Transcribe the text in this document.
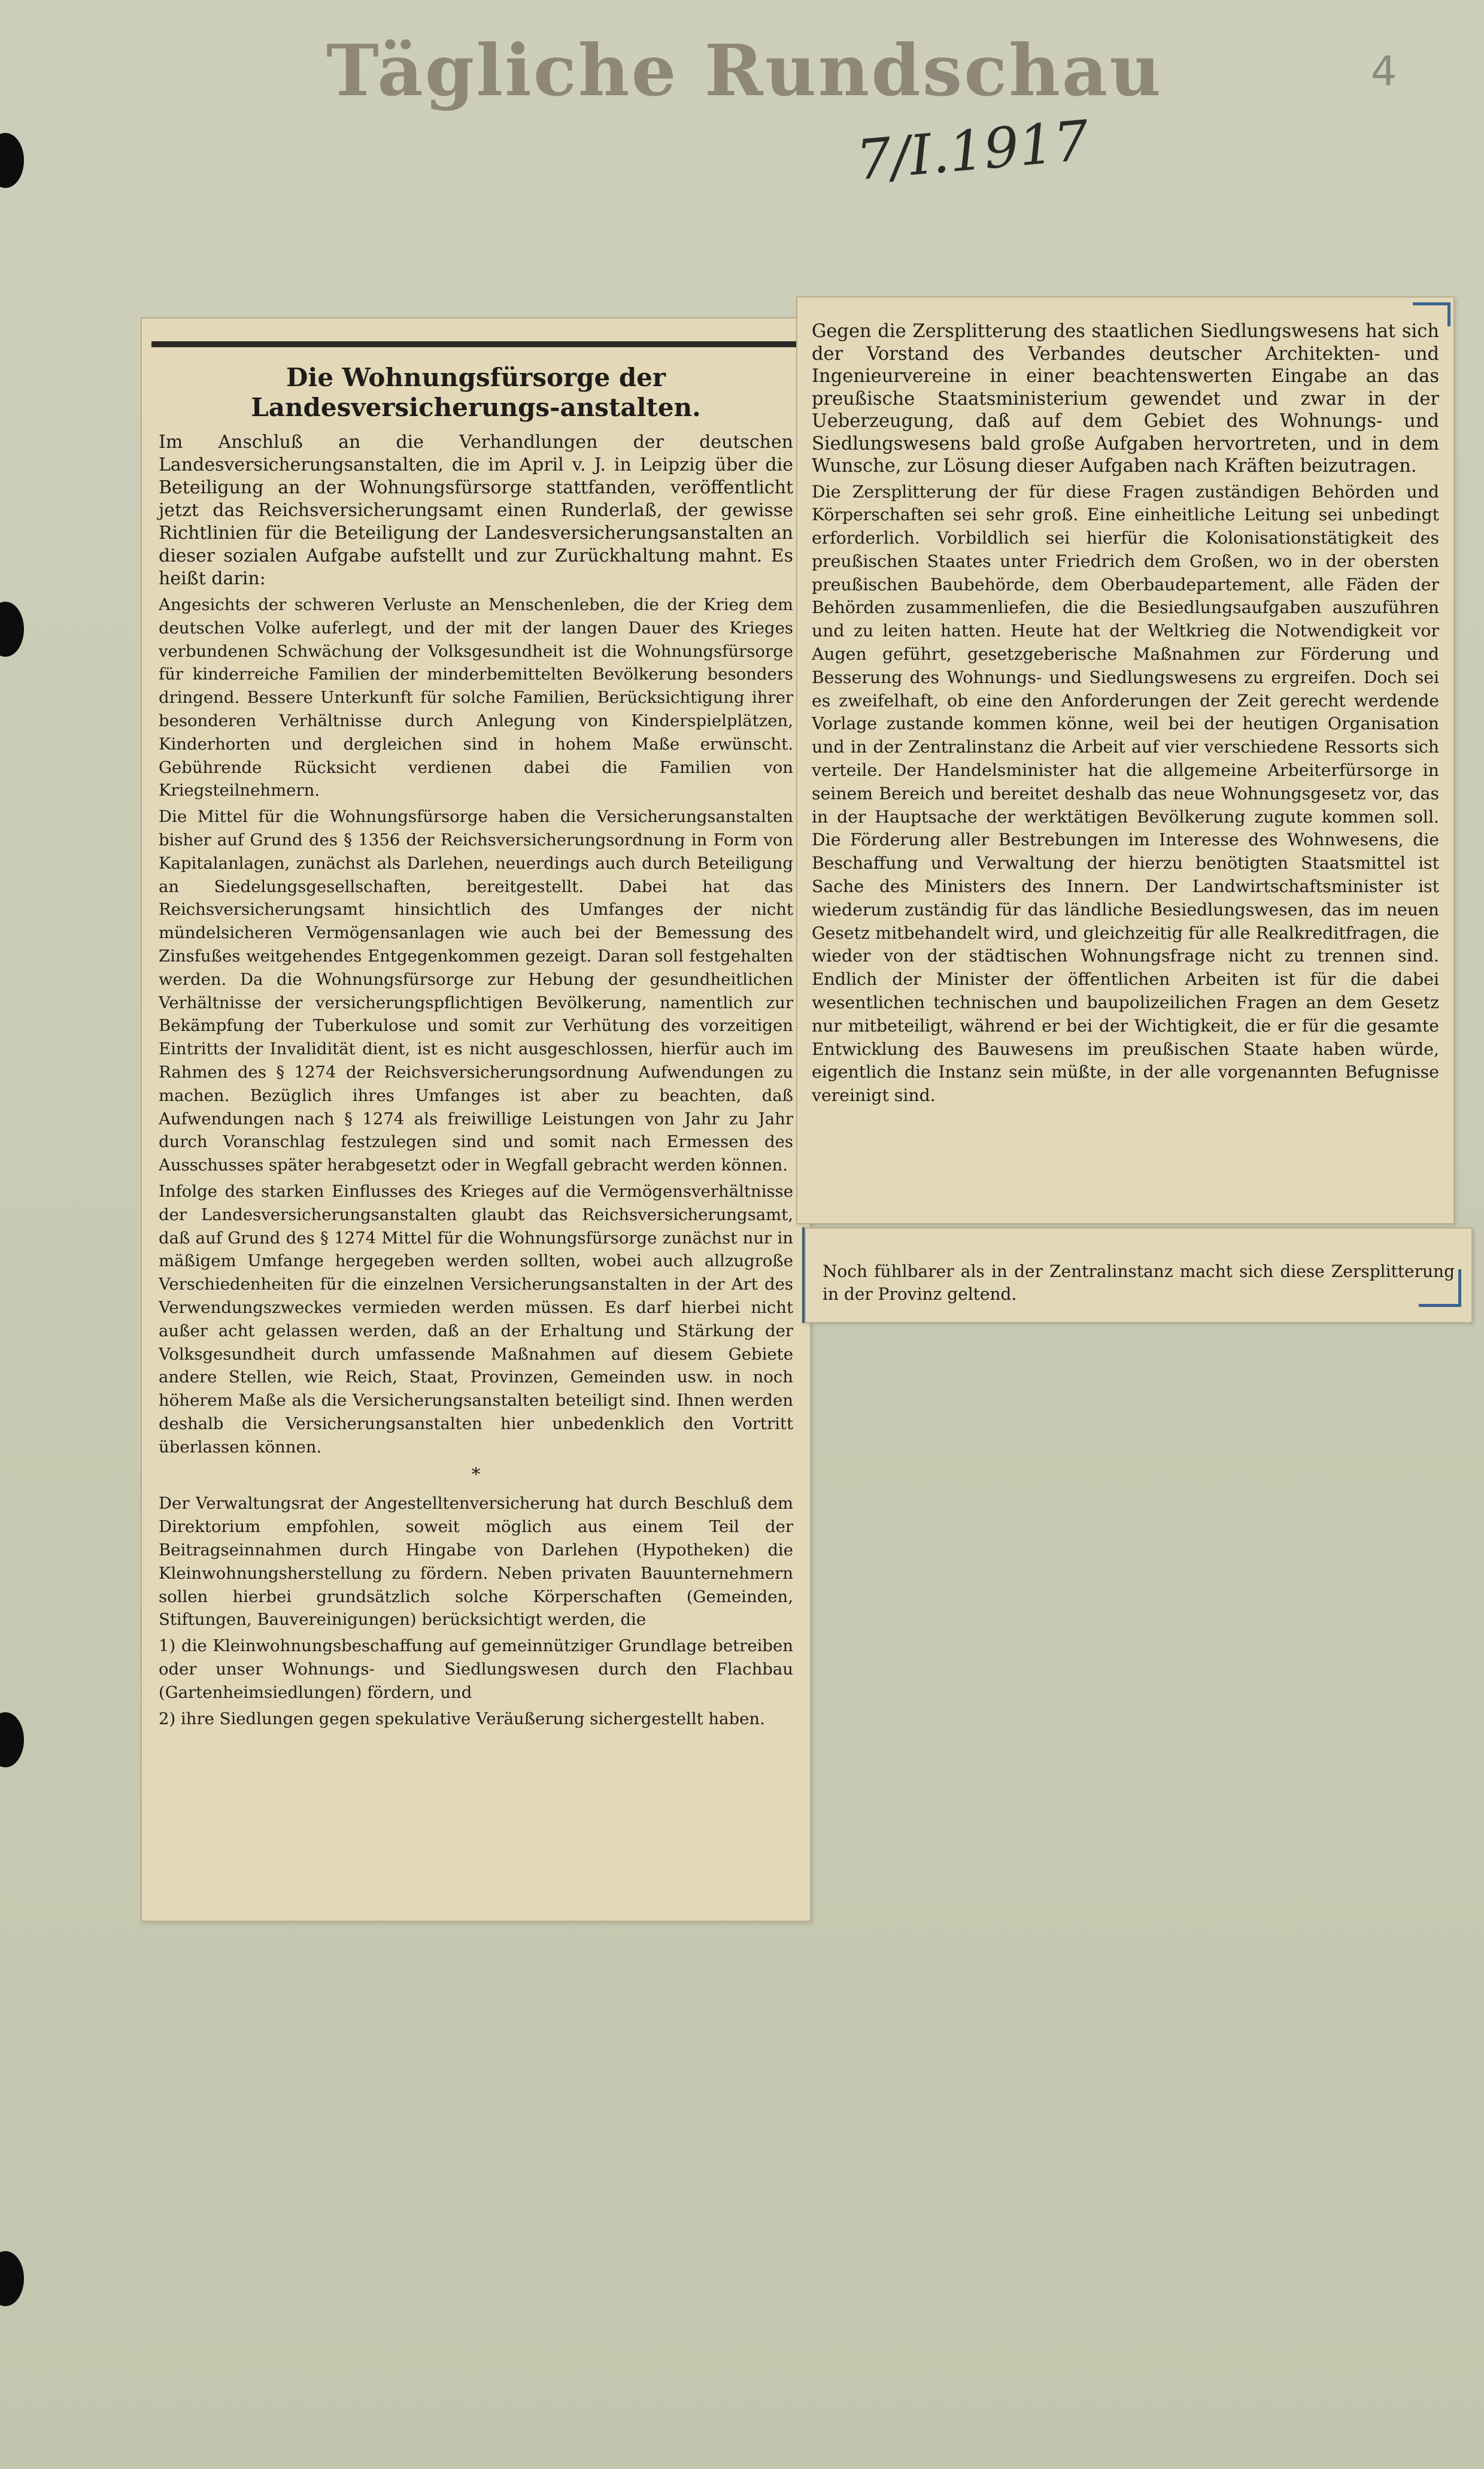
Tägliche Rundschau
7/I.1917
4
Die Wohnungsfürsorge der Landesversicherungs-anstalten.

Im Anschluß an die Verhandlungen der deutschen Landesversicherungsanstalten, die im April v. J. in Leipzig über die Beteiligung an der Wohnungsfürsorge stattfanden, veröffentlicht jetzt das Reichsversicherungsamt einen Runderlaß, der gewisse Richtlinien für die Beteiligung der Landesversicherungsanstalten an dieser sozialen Aufgabe aufstellt und zur Zurückhaltung mahnt. Es heißt darin:

Angesichts der schweren Verluste an Menschenleben, die der Krieg dem deutschen Volke auferlegt, und der mit der langen Dauer des Krieges verbundenen Schwächung der Volksgesundheit ist die Wohnungsfürsorge für kinderreiche Familien der minderbemittelten Bevölkerung besonders dringend. Bessere Unterkunft für solche Familien, Berücksichtigung ihrer besonderen Verhältnisse durch Anlegung von Kinderspielplätzen, Kinderhorten und dergleichen sind in hohem Maße erwünscht. Gebührende Rücksicht verdienen dabei die Familien von Kriegsteilnehmern.

Die Mittel für die Wohnungsfürsorge haben die Versicherungsanstalten bisher auf Grund des § 1356 der Reichsversicherungsordnung in Form von Kapitalanlagen, zunächst als Darlehen, neuerdings auch durch Beteiligung an Siedelungsgesellschaften, bereitgestellt. Dabei hat das Reichsversicherungsamt hinsichtlich des Umfanges der nicht mündelsicheren Vermögensanlagen wie auch bei der Bemessung des Zinsfußes weitgehendes Entgegenkommen gezeigt. Daran soll festgehalten werden. Da die Wohnungsfürsorge zur Hebung der gesundheitlichen Verhältnisse der versicherungspflichtigen Bevölkerung, namentlich zur Bekämpfung der Tuberkulose und somit zur Verhütung des vorzeitigen Eintritts der Invalidität dient, ist es nicht ausgeschlossen, hierfür auch im Rahmen des § 1274 der Reichsversicherungsordnung Aufwendungen zu machen. Bezüglich ihres Umfanges ist aber zu beachten, daß Aufwendungen nach § 1274 als freiwillige Leistungen von Jahr zu Jahr durch Voranschlag festzulegen sind und somit nach Ermessen des Ausschusses später herabgesetzt oder in Wegfall gebracht werden können.

Infolge des starken Einflusses des Krieges auf die Vermögensverhältnisse der Landesversicherungsanstalten glaubt das Reichsversicherungsamt, daß auf Grund des § 1274 Mittel für die Wohnungsfürsorge zunächst nur in mäßigem Umfange hergegeben werden sollten, wobei auch allzugroße Verschiedenheiten für die einzelnen Versicherungsanstalten in der Art des Verwendungszweckes vermieden werden müssen. Es darf hierbei nicht außer acht gelassen werden, daß an der Erhaltung und Stärkung der Volksgesundheit durch umfassende Maßnahmen auf diesem Gebiete andere Stellen, wie Reich, Staat, Provinzen, Gemeinden usw. in noch höherem Maße als die Versicherungsanstalten beteiligt sind. Ihnen werden deshalb die Versicherungsanstalten hier unbedenklich den Vortritt überlassen können.

*

Der Verwaltungsrat der Angestelltenversicherung hat durch Beschluß dem Direktorium empfohlen, soweit möglich aus einem Teil der Beitragseinnahmen durch Hingabe von Darlehen (Hypotheken) die Kleinwohnungsherstellung zu fördern. Neben privaten Bauunternehmern sollen hierbei grundsätzlich solche Körperschaften (Gemeinden, Stiftungen, Bauvereinigungen) berücksichtigt werden, die

1) die Kleinwohnungsbeschaffung auf gemeinnütziger Grundlage betreiben oder unser Wohnungs- und Siedlungswesen durch den Flachbau (Gartenheimsiedlungen) fördern, und

2) ihre Siedlungen gegen spekulative Veräußerung sichergestellt haben.

Gegen die Zersplitterung des staatlichen Siedlungswesens hat sich der Vorstand des Verbandes deutscher Architekten- und Ingenieurvereine in einer beachtenswerten Eingabe an das preußische Staatsministerium gewendet und zwar in der Ueberzeugung, daß auf dem Gebiet des Wohnungs- und Siedlungswesens bald große Aufgaben hervortreten, und in dem Wunsche, zur Lösung dieser Aufgaben nach Kräften beizutragen.

Die Zersplitterung der für diese Fragen zuständigen Behörden und Körperschaften sei sehr groß. Eine einheitliche Leitung sei unbedingt erforderlich. Vorbildlich sei hierfür die Kolonisationstätigkeit des preußischen Staates unter Friedrich dem Großen, wo in der obersten preußischen Baubehörde, dem Oberbaudepartement, alle Fäden der Behörden zusammenliefen, die die Besiedlungsaufgaben auszuführen und zu leiten hatten. Heute hat der Weltkrieg die Notwendigkeit vor Augen geführt, gesetzgeberische Maßnahmen zur Förderung und Besserung des Wohnungs- und Siedlungswesens zu ergreifen. Doch sei es zweifelhaft, ob eine den Anforderungen der Zeit gerecht werdende Vorlage zustande kommen könne, weil bei der heutigen Organisation und in der Zentralinstanz die Arbeit auf vier verschiedene Ressorts sich verteile. Der Handelsminister hat die allgemeine Arbeiterfürsorge in seinem Bereich und bereitet deshalb das neue Wohnungsgesetz vor, das in der Hauptsache der werktätigen Bevölkerung zugute kommen soll. Die Förderung aller Bestrebungen im Interesse des Wohnwesens, die Beschaffung und Verwaltung der hierzu benötigten Staatsmittel ist Sache des Ministers des Innern. Der Landwirtschaftsminister ist wiederum zuständig für das ländliche Besiedlungswesen, das im neuen Gesetz mitbehandelt wird, und gleichzeitig für alle Realkreditfragen, die wieder von der städtischen Wohnungsfrage nicht zu trennen sind. Endlich der Minister der öffentlichen Arbeiten ist für die dabei wesentlichen technischen und baupolizeilichen Fragen an dem Gesetz nur mitbeteiligt, während er bei der Wichtigkeit, die er für die gesamte Entwicklung des Bauwesens im preußischen Staate haben würde, eigentlich die Instanz sein müßte, in der alle vorgenannten Befugnisse vereinigt sind.

Noch fühlbarer als in der Zentralinstanz macht sich diese Zersplitterung in der Provinz geltend.
